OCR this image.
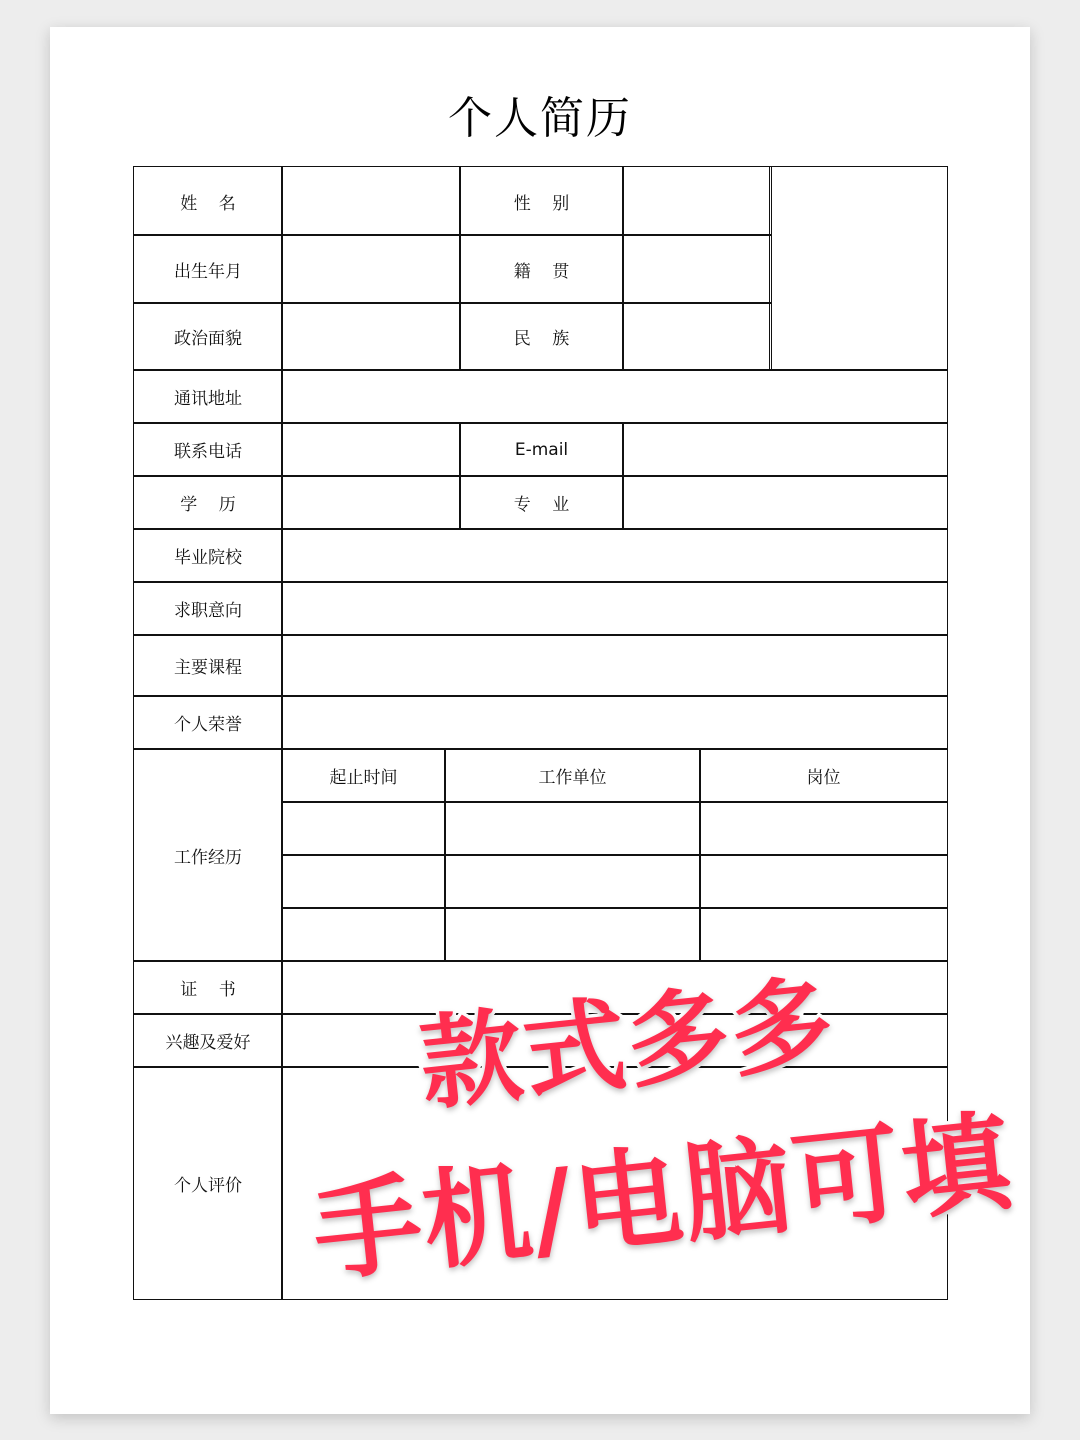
个人简历
姓    名	性    别
出生年月	籍    贯
政治面貌	民    族
通讯地址
联系电话	E-mail
学    历	专    业
毕业院校
求职意向
主要课程
个人荣誉
工作经历
起止时间	工作单位	岗位
证    书
兴趣及爱好
个人评价
款式多多
手机/电脑可填
